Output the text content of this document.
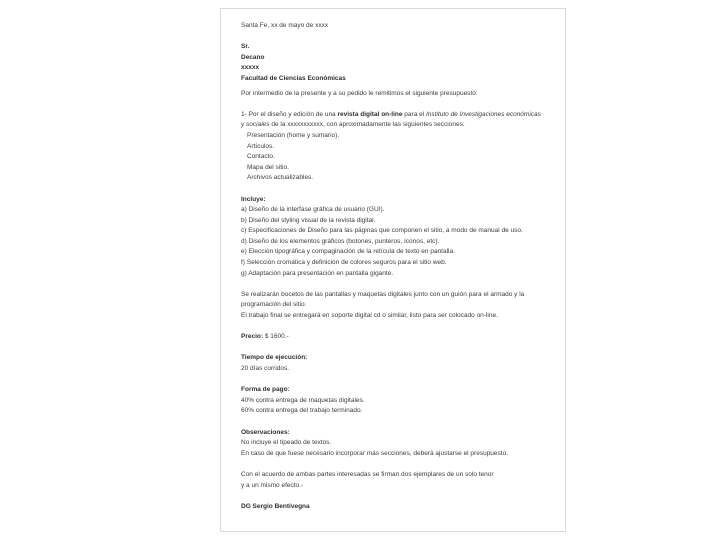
Santa Fe, xx de mayo de xxxx
Sr.
Decano
xxxxx
Facultad de Ciencias Económicas
Por intermedio de la presente y a su pedido le remitimos el siguiente presupuesto:
1- Por el diseño y edición de una revista digital on-line para el Instituto de Investigaciones económicas
y sociales de la xxxxxxxxxxx, con aproximadamente las siguientes secciones:
Presentación (home y sumario).
Artículos.
Contacto.
Mapa del sitio.
Archivos actualizables.
Incluye:
a) Diseño de la interfase gráfica de usuario (GUI).
b) Diseño del styling visual de la revista digital.
c) Especificaciones de Diseño para las páginas que componen el sitio, a modo de manual de uso.
d) Diseño de los elementos gráficos (botones, punteros, íconos, etc).
e) Elección tipográfica y compaginación de la retícula de texto en pantalla.
f) Selección cromática y definición de colores seguros para el sitio web.
g) Adaptación para presentación en pantalla gigante.
Se realizarán bocetos de las pantallas y maquetas digitales junto con un guión para el armado y la
programación del sitio.
El trabajo final se entregará en soporte digital cd o similar, listo para ser colocado on-line.
Precio: $ 1600.-
Tiempo de ejecución:
20 días corridos.
Forma de pago:
40% contra entrega de maquetas digitales.
60% contra entrega del trabajo terminado.
Observaciones:
No incluye el tipeado de textos.
En caso de que fuese necesario incorporar más secciones, deberá ajustarse el presupuesto.
Con el acuerdo de ambas partes interesadas se firman dos ejemplares de un solo tenor
y a un mismo efecto.-
DG Sergio Bentivegna
